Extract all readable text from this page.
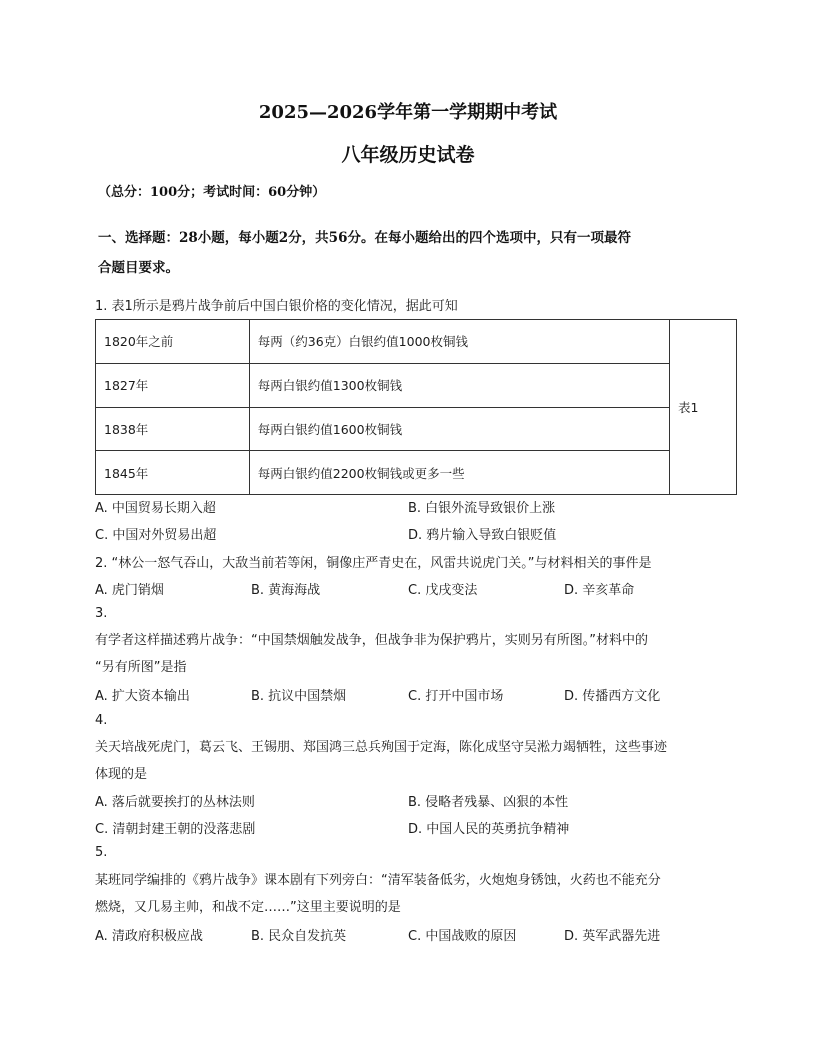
2025—2026学年第一学期期中考试
八年级历史试卷
（总分：100分；考试时间：60分钟）
一、选择题：28小题，每小题2分，共56分。在每小题给出的四个选项中，只有一项最符
合题目要求。
1. 表1所示是鸦片战争前后中国白银价格的变化情况，据此可知
1820年之前	每两（约36克）白银约值1000枚铜钱	表1
1827年	每两白银约值1300枚铜钱	
1838年	每两白银约值1600枚铜钱	
1845年	每两白银约值2200枚铜钱或更多一些	
A. 中国贸易长期入超	B. 白银外流导致银价上涨
C. 中国对外贸易出超	D. 鸦片输入导致白银贬值
2. “林公一怒气吞山，大敌当前若等闲，铜像庄严青史在，风雷共说虎门关。”与材料相关的事件是
A. 虎门销烟	B. 黄海海战	C. 戊戌变法	D. 辛亥革命
3.
有学者这样描述鸦片战争：“中国禁烟触发战争，但战争非为保护鸦片，实则另有所图。”材料中的
“另有所图”是指
A. 扩大资本输出	B. 抗议中国禁烟	C. 打开中国市场	D. 传播西方文化
4.
关天培战死虎门，葛云飞、王锡朋、郑国鸿三总兵殉国于定海，陈化成坚守吴淞力竭牺牲，这些事迹
体现的是
A. 落后就要挨打的丛林法则	B. 侵略者残暴、凶狠的本性
C. 清朝封建王朝的没落悲剧	D. 中国人民的英勇抗争精神
5.
某班同学编排的《鸦片战争》课本剧有下列旁白：“清军装备低劣，火炮炮身锈蚀，火药也不能充分
燃烧，又几易主帅，和战不定……”这里主要说明的是
A. 清政府积极应战	B. 民众自发抗英	C. 中国战败的原因	D. 英军武器先进
